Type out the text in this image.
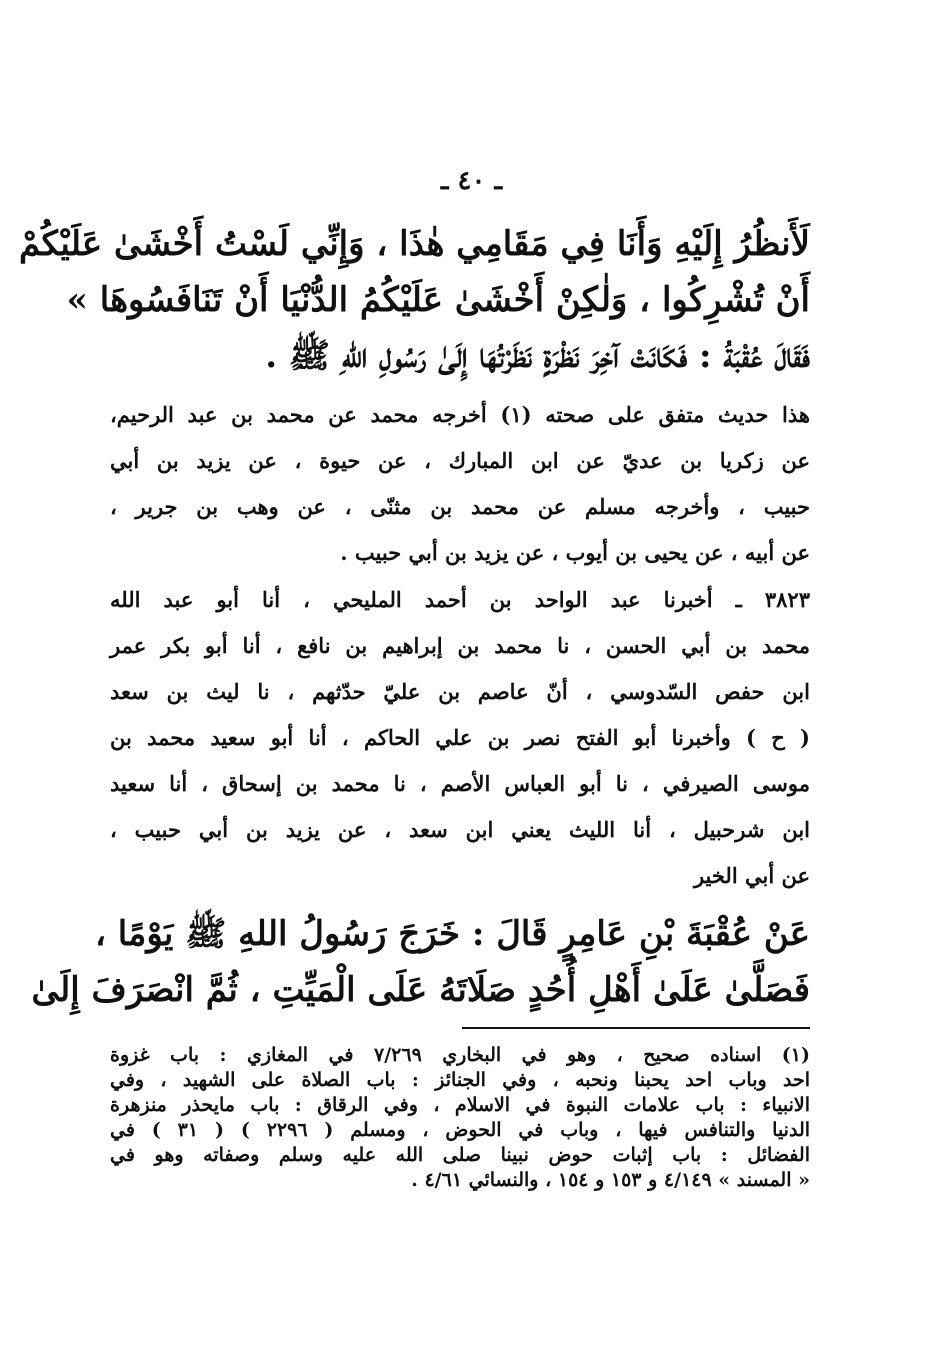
ـ ٤٠ ـ
لَأَنظُرُ إِلَيْهِ وَأَنَا فِي مَقَامِي هٰذَا ، وَإِنِّي لَسْتُ أَخْشَىٰ عَلَيْكُمْ
أَنْ تُشْرِكُوا ، وَلٰكِنْ أَخْشَىٰ عَلَيْكُمُ الدُّنْيَا أَنْ تَنَافَسُوهَا »
فَقَالَ عُقْبَةُ : فَكَانَتْ آخِرَ نَظْرَةٍ نَظَرْتُهَا إِلَىٰ رَسُولِ اللهِ ﷺ .
هذا حديث متفق على صحته (١) أخرجه محمد عن محمد بن عبد الرحيم،
عن زكريا بن عديّ عن ابن المبارك ، عن حيوة ، عن يزيد بن أبي
حبيب ، وأخرجه مسلم عن محمد بن مثنّى ، عن وهب بن جرير ،
عن أبيه ، عن يحيى بن أيوب ، عن يزيد بن أبي حبيب .
٣٨٢٣ ـ أخبرنا عبد الواحد بن أحمد المليحي ، أنا أبو عبد الله
محمد بن أبي الحسن ، نا محمد بن إبراهيم بن نافع ، أنا أبو بكر عمر
ابن حفص السّدوسي ، أنّ عاصم بن عليّ حدّثهم ، نا ليث بن سعد
( ح ) وأخبرنا أبو الفتح نصر بن علي الحاكم ، أنا أبو سعيد محمد بن
موسى الصيرفي ، نا أبو العباس الأصم ، نا محمد بن إسحاق ، أنا سعيد
ابن شرحبيل ، أنا الليث يعني ابن سعد ، عن يزيد بن أبي حبيب ،
عن أبي الخير
عَنْ عُقْبَةَ بْنِ عَامِرٍ قَالَ : خَرَجَ رَسُولُ اللهِ ﷺ يَوْمًا ،
فَصَلَّىٰ عَلَىٰ أَهْلِ أُحُدٍ صَلَاتَهُ عَلَى الْمَيِّتِ ، ثُمَّ انْصَرَفَ إِلَىٰ
(١) اسناده صحيح ، وهو في البخاري ٧/٢٦٩ في المغازي : باب غزوة
احد وباب احد يحبنا ونحبه ، وفي الجنائز : باب الصلاة على الشهيد ، وفي
الانبياء : باب علامات النبوة في الاسلام ، وفي الرقاق : باب مايحذر منزهرة
الدنيا والتنافس فيها ، وباب في الحوض ، ومسلم ( ٢٢٩٦ ) ( ٣١ ) في
الفضائل : باب إثبات حوض نبينا صلى الله عليه وسلم وصفاته وهو في
« المسند » ٤/١٤٩ و ١٥٣ و ١٥٤ ، والنسائي ٤/٦١ .
